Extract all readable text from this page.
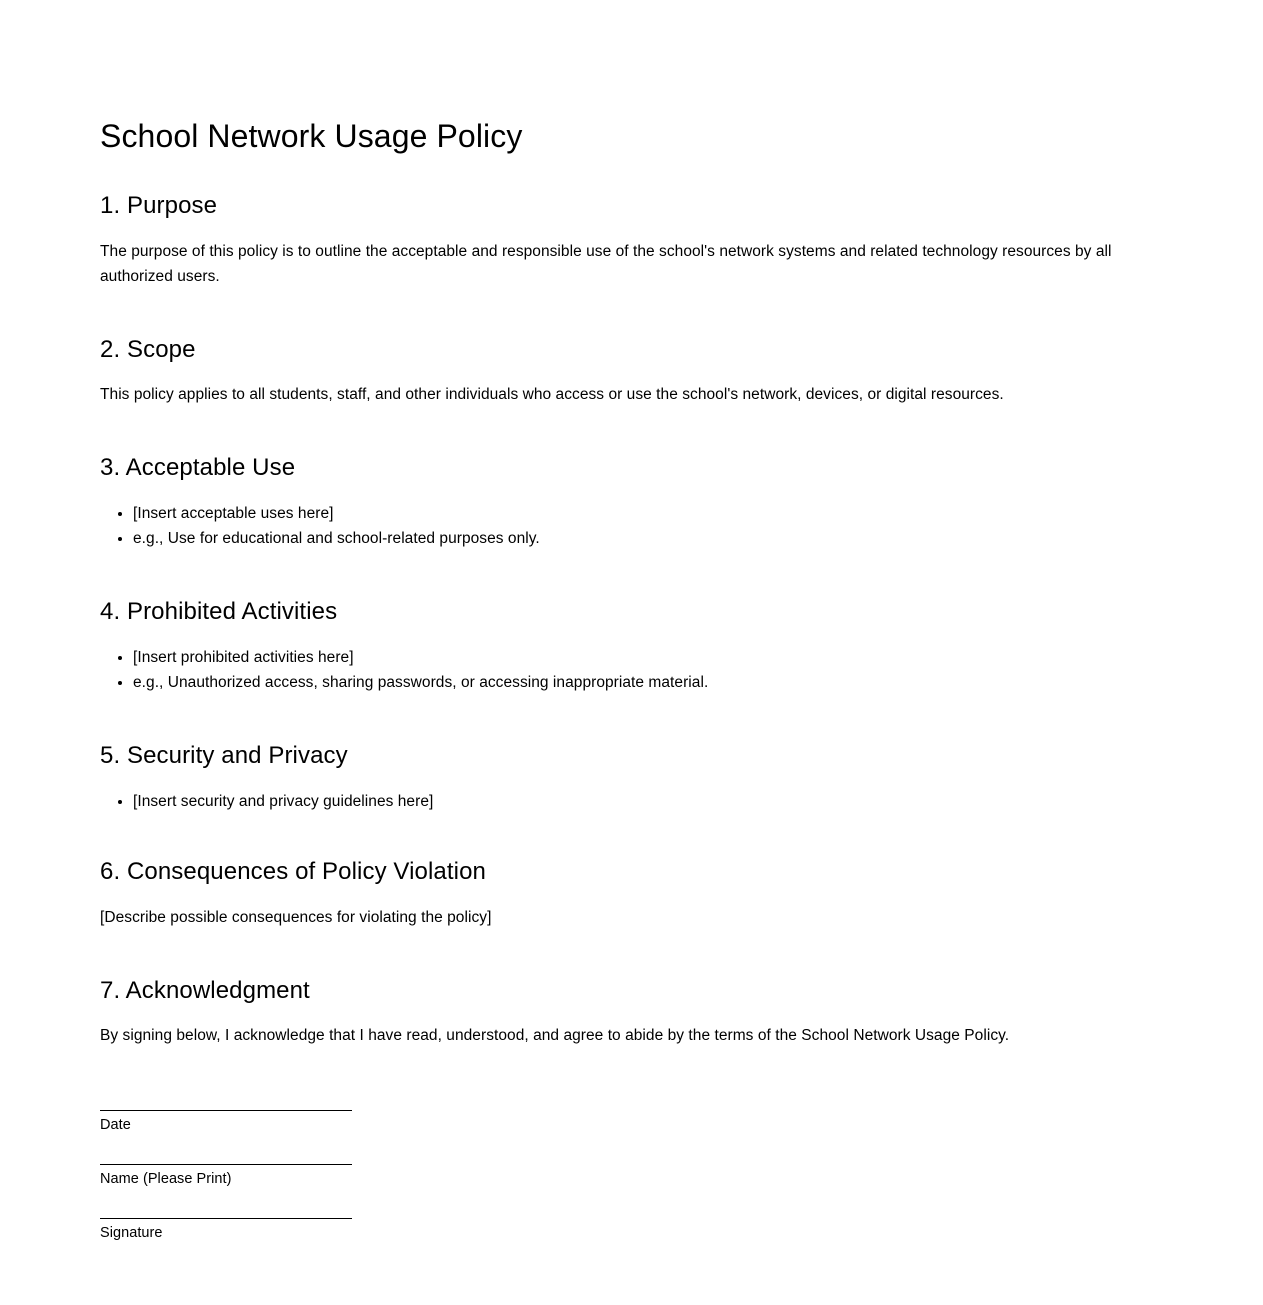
School Network Usage Policy
1. Purpose

The purpose of this policy is to outline the acceptable and responsible use of the school's network systems and related technology resources by all authorized users.

2. Scope

This policy applies to all students, staff, and other individuals who access or use the school's network, devices, or digital resources.

3. Acceptable Use
• [Insert acceptable uses here]
• e.g., Use for educational and school-related purposes only.
4. Prohibited Activities
• [Insert prohibited activities here]
• e.g., Unauthorized access, sharing passwords, or accessing inappropriate material.
5. Security and Privacy
• [Insert security and privacy guidelines here]
6. Consequences of Policy Violation

[Describe possible consequences for violating the policy]

7. Acknowledgment

By signing below, I acknowledge that I have read, understood, and agree to abide by the terms of the School Network Usage Policy.

Date
Name (Please Print)
Signature
